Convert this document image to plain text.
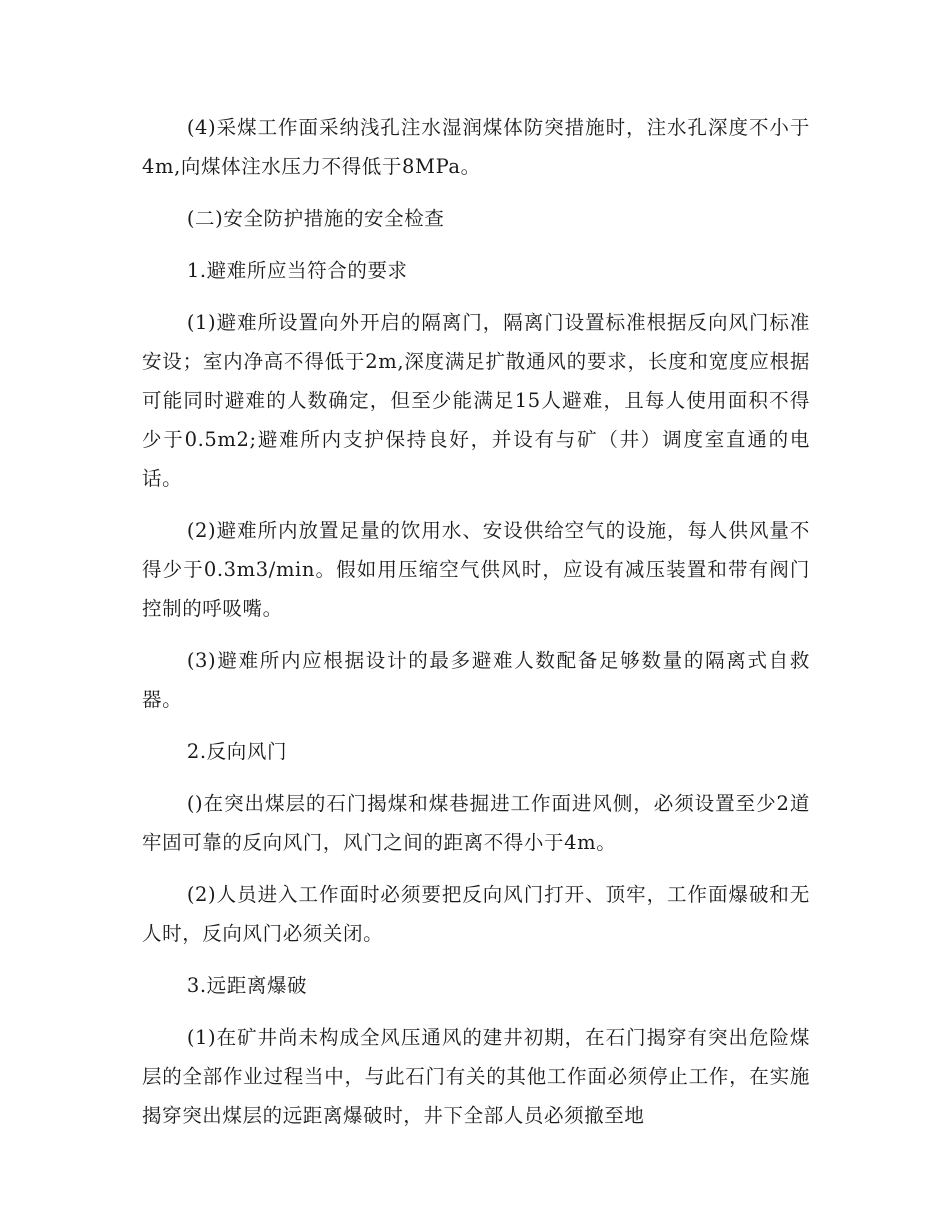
(4)采煤工作面采纳浅孔注水湿润煤体防突措施时，注水孔深度不小于4m,向煤体注水压力不得低于8MPa。

(二)安全防护措施的安全检查

1.避难所应当符合的要求

(1)避难所设置向外开启的隔离门，隔离门设置标准根据反向风门标准安设；室内净高不得低于2m,深度满足扩散通风的要求，长度和宽度应根据可能同时避难的人数确定，但至少能满足15人避难，且每人使用面积不得少于0.5m2;避难所内支护保持良好，并设有与矿（井）调度室直通的电话。

(2)避难所内放置足量的饮用水、安设供给空气的设施，每人供风量不得少于0.3m3/min。假如用压缩空气供风时，应设有减压装置和带有阀门控制的呼吸嘴。

(3)避难所内应根据设计的最多避难人数配备足够数量的隔离式自救器。

2.反向风门

()在突出煤层的石门揭煤和煤巷掘进工作面进风侧，必须设置至少2道牢固可靠的反向风门，风门之间的距离不得小于4m。

(2)人员进入工作面时必须要把反向风门打开、顶牢，工作面爆破和无人时，反向风门必须关闭。

3.远距离爆破

(1)在矿井尚未构成全风压通风的建井初期，在石门揭穿有突出危险煤层的全部作业过程当中，与此石门有关的其他工作面必须停止工作，在实施揭穿突出煤层的远距离爆破时，井下全部人员必须撤至地
